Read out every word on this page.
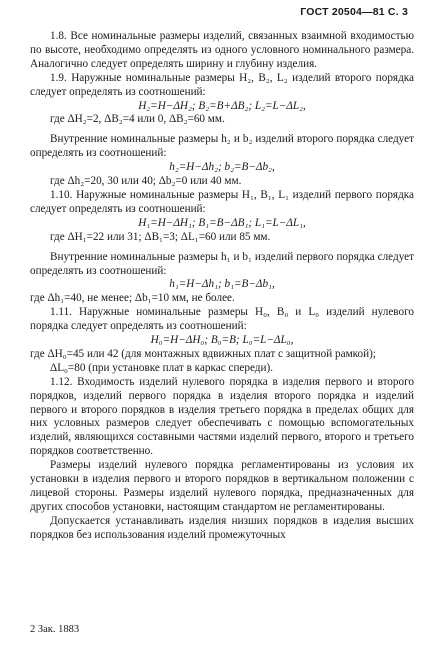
ГОСТ 20504—81 С. 3

1.8. Все номинальные размеры изделий, связанных взаимной входимостью по высоте, необходимо определять из одного условного номинального размера. Аналогично следует определять ширину и глубину изделия.

1.9. Наружные номинальные размеры H₂, B₂, L₂ изделий второго порядка следует определять из соотношений:

H₂=H−ΔH₂; B₂=B+ΔB₂; L₂=L−ΔL₂,

где ΔH₂=2, ΔB₂=4 или 0, ΔB₂=60 мм.

Внутренние номинальные размеры h₂ и b₂ изделий второго порядка следует определять из соотношений:

h₂=H−Δh₂; b₂=B−Δb₂,

где Δh₂=20, 30 или 40; Δb₂=0 или 40 мм.

1.10. Наружные номинальные размеры H₁, B₁, L₁ изделий первого порядка следует определять из соотношений:

H₁=H−ΔH₁; B₁=B−ΔB₁; L₁=L−ΔL₁,

где ΔH₁=22 или 31; ΔB₁=3; ΔL₁=60 или 85 мм.

Внутренние номинальные размеры h₁ и b₁ изделий первого порядка следует определять из соотношений:

h₁=H−Δh₁; b₁=B−Δb₁,

где Δh₁=40, не менее; Δb₁=10 мм, не более.

1.11. Наружные номинальные размеры H₀, B₀ и L₀ изделий нулевого порядка следует определять из соотношений:

H₀=H−ΔH₀; B₀=B; L₀=L−ΔL₀,

где ΔH₀=45 или 42 (для монтажных вдвижных плат с защитной рамкой);

ΔL₀=80 (при установке плат в каркас спереди).

1.12. Входимость изделий нулевого порядка в изделия первого и второго порядков, изделий первого порядка в изделия второго порядка и изделий первого и второго порядков в изделия третьего порядка в пределах общих для них условных размеров следует обеспечивать с помощью вспомогательных изделий, являющихся составными частями изделий первого, второго и третьего порядков соответственно.

Размеры изделий нулевого порядка регламентированы из условия их установки в изделия первого и второго порядков в вертикальном положении с лицевой стороны. Размеры изделий нулевого порядка, предназначенных для других способов установки, настоящим стандартом не регламентированы.

Допускается устанавливать изделия низших порядков в изделия высших порядков без использования изделий промежуточных

2 Зак. 1883
